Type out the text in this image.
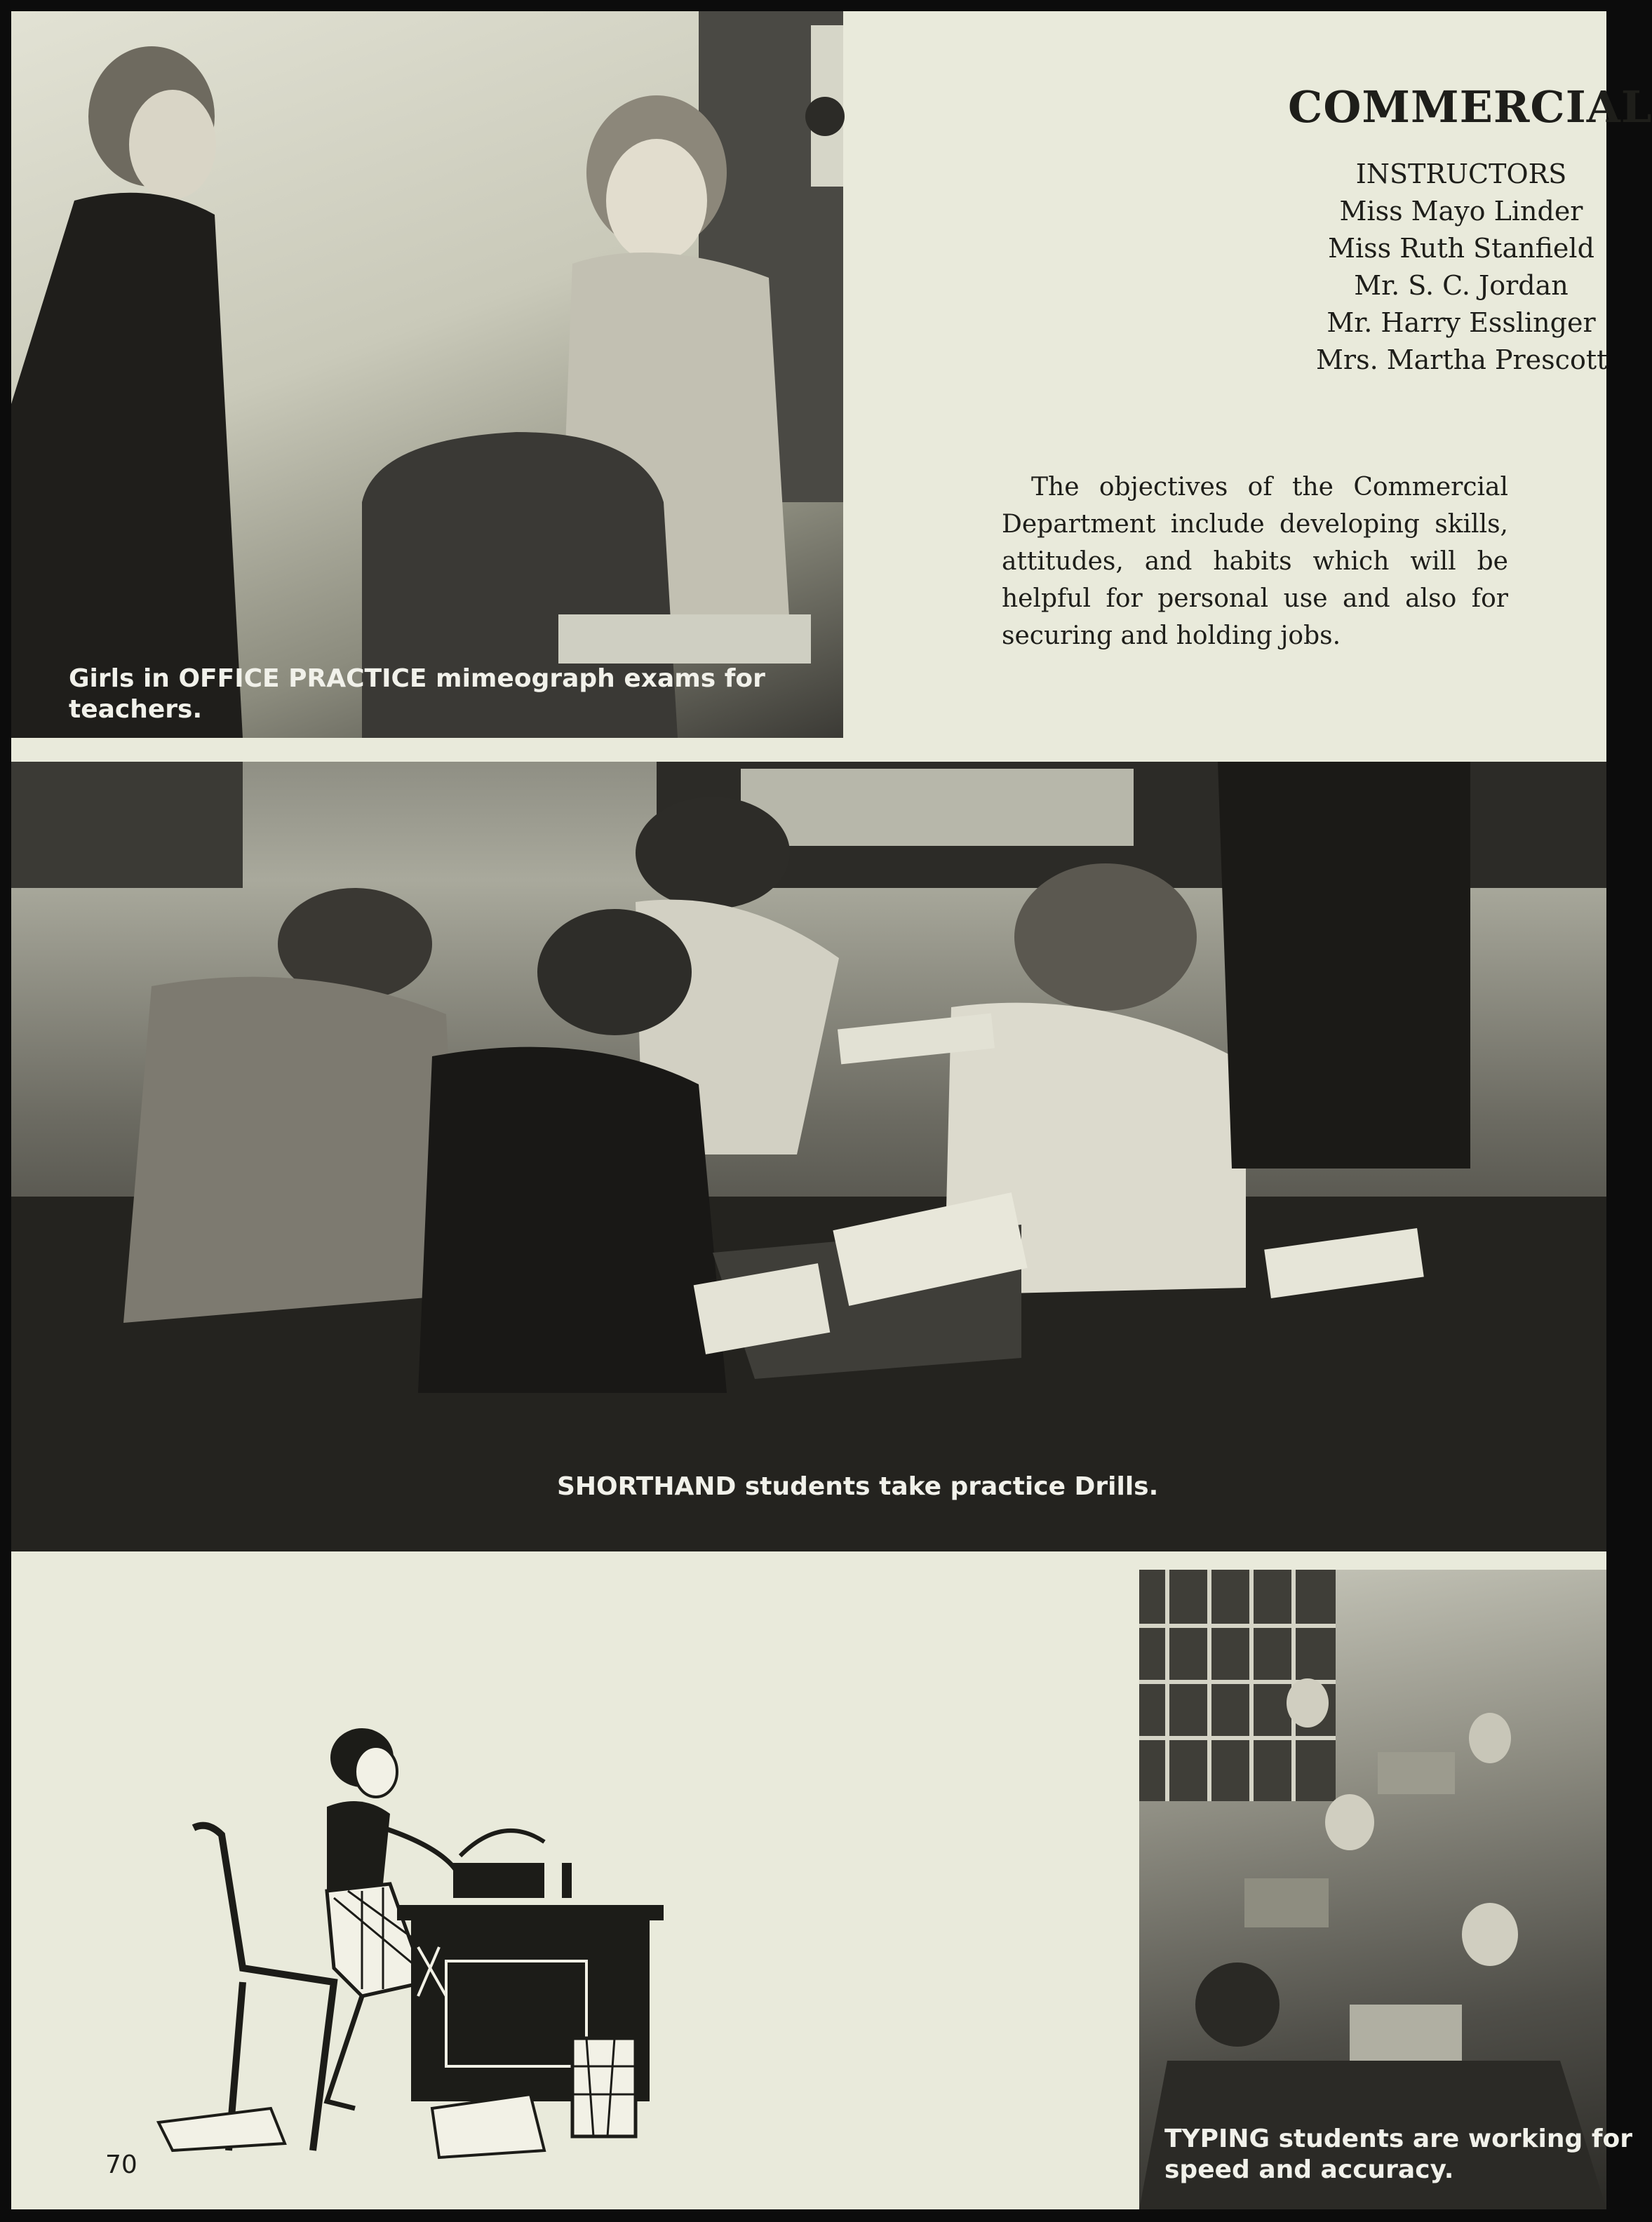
Girls in OFFICE PRACTICE mimeograph exams for
teachers.
COMMERCIAL
INSTRUCTORS
Miss Mayo Linder
Miss Ruth Stanfield
Mr. S. C. Jordan
Mr. Harry Esslinger
Mrs. Martha Prescott
The objectives of the Commercial Department include developing skills, attitudes, and habits which will be helpful for personal use and also for securing and holding jobs.
SHORTHAND students take practice Drills.
TYPING students are working for
speed and accuracy.
70
